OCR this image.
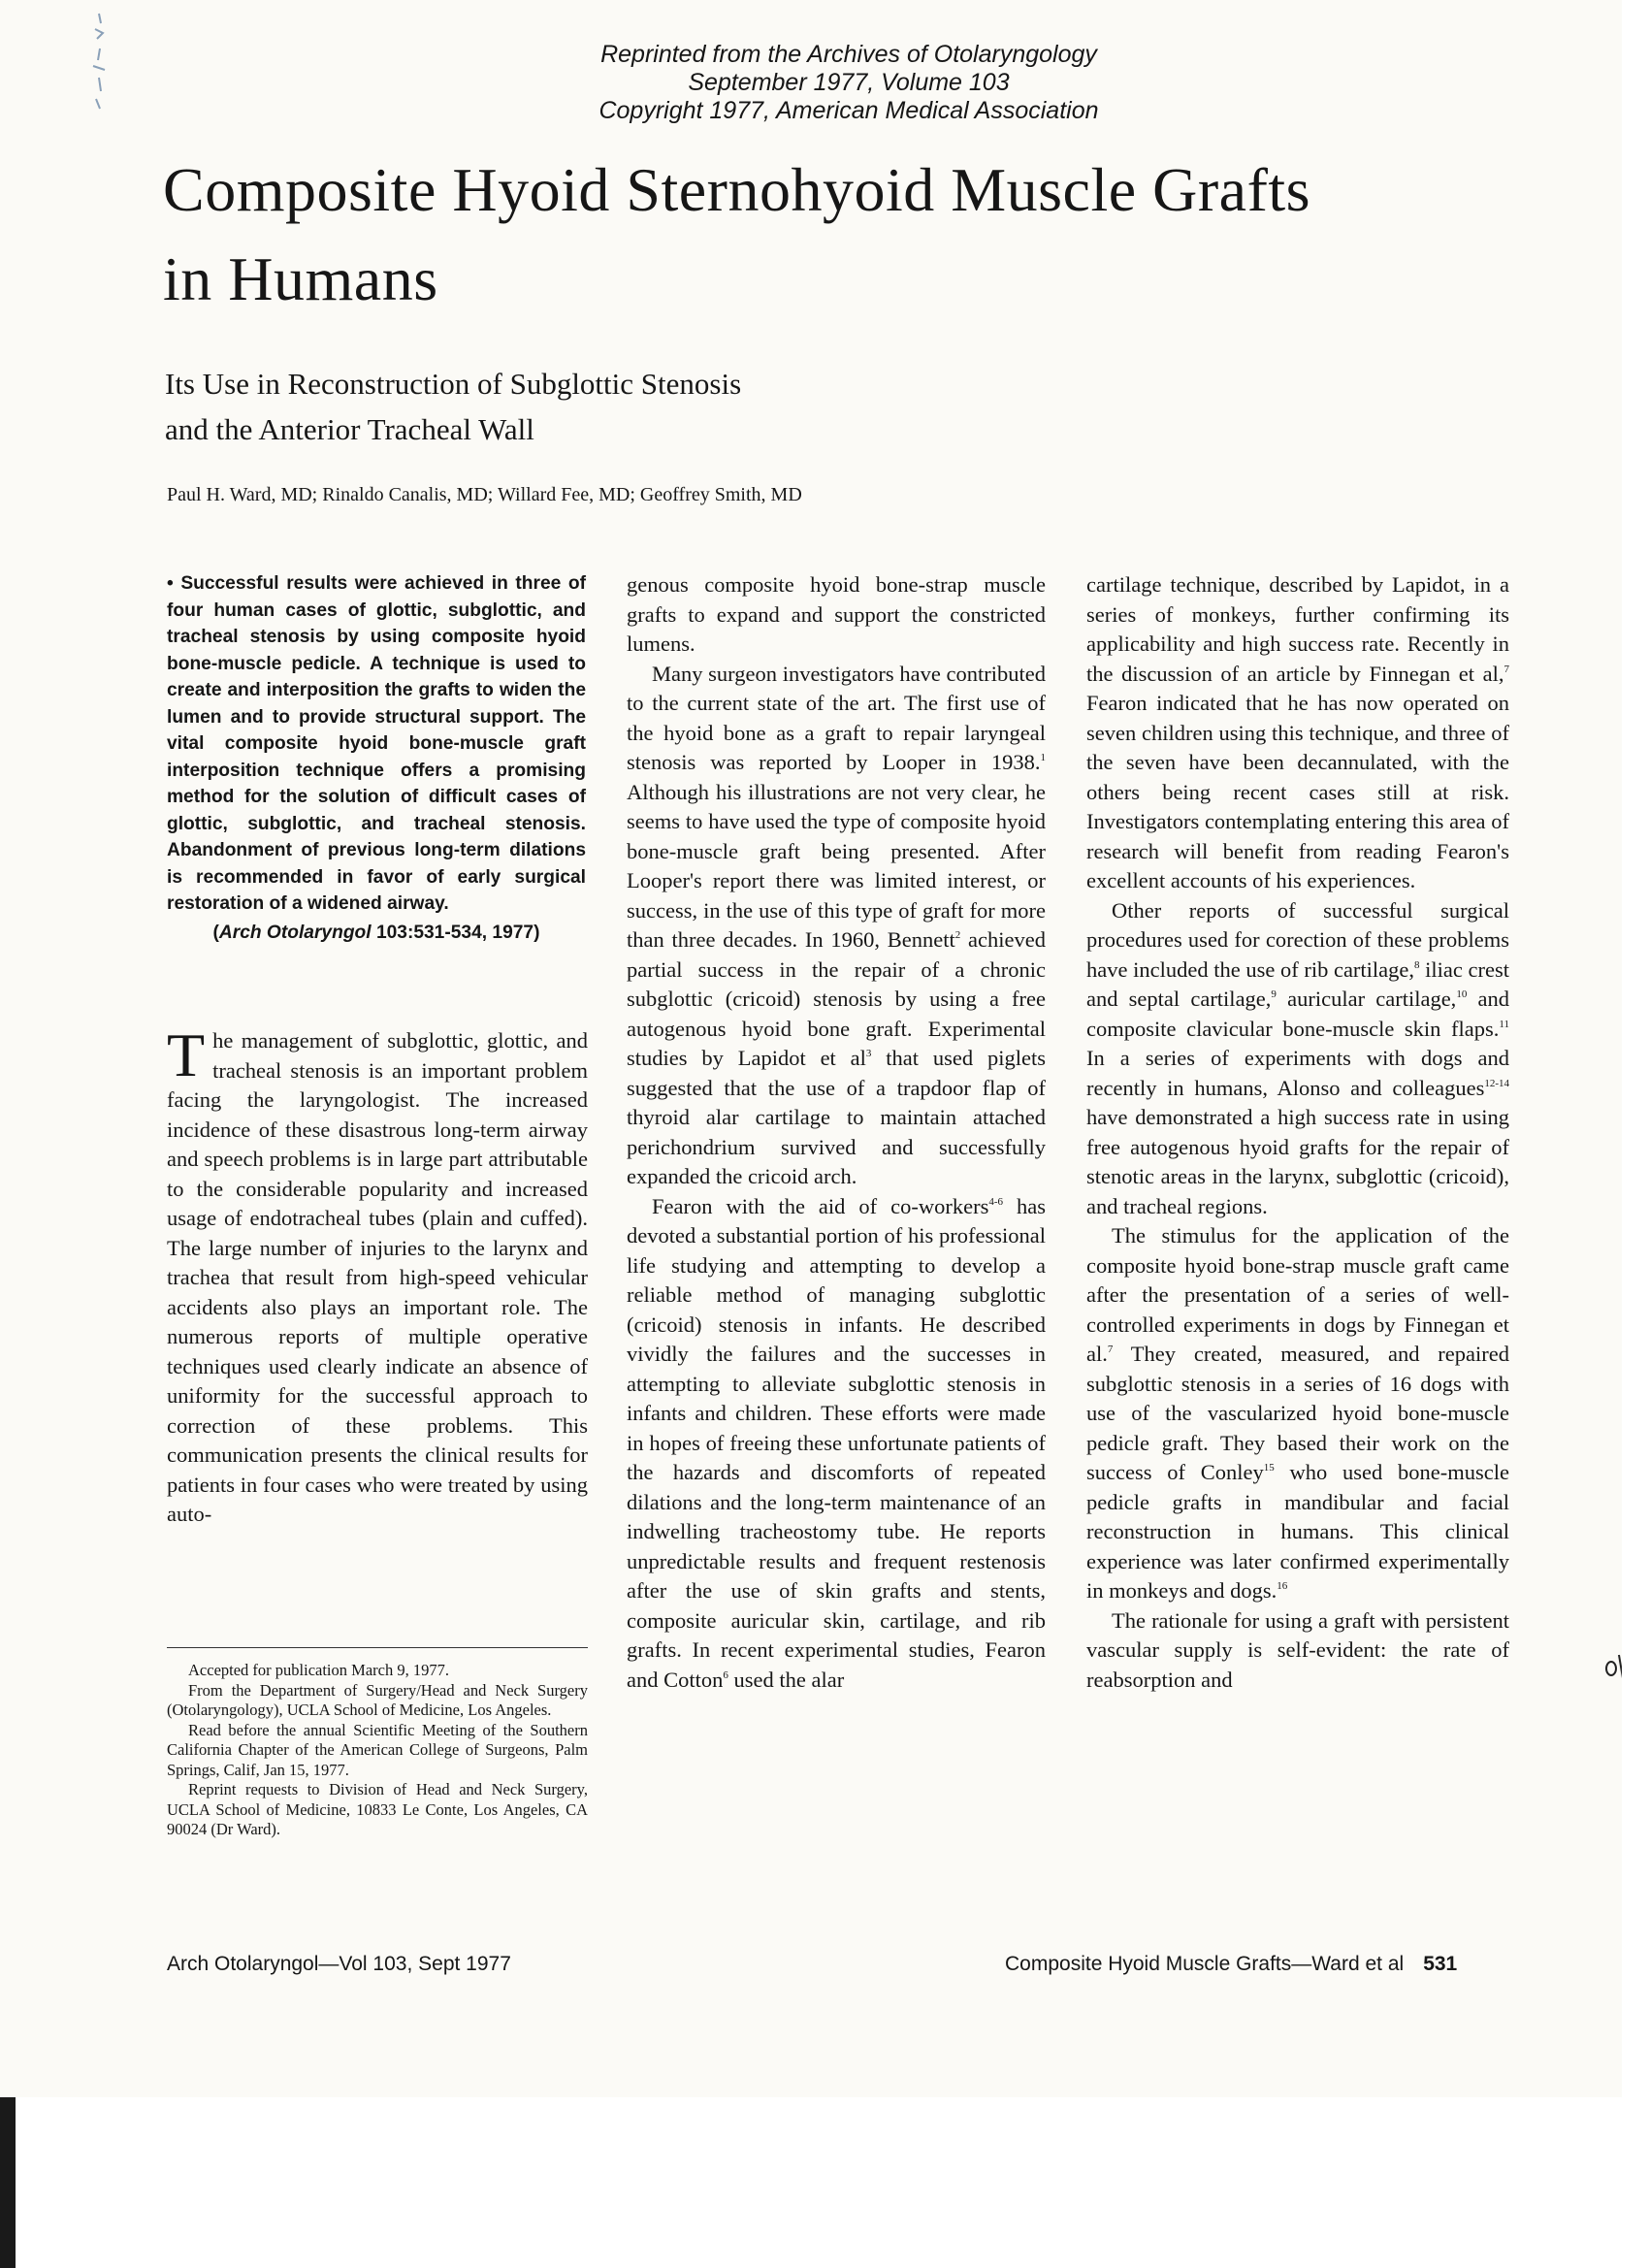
Reprinted from the Archives of Otolaryngology
September 1977, Volume 103
Copyright 1977, American Medical Association
Composite Hyoid Sternohyoid Muscle Grafts
in Humans
Its Use in Reconstruction of Subglottic Stenosis
and the Anterior Tracheal Wall
Paul H. Ward, MD; Rinaldo Canalis, MD; Willard Fee, MD; Geoffrey Smith, MD

• Successful results were achieved in three of four human cases of glottic, subglottic, and tracheal stenosis by using composite hyoid bone-muscle pedicle. A technique is used to create and interposition the grafts to widen the lumen and to provide structural support. The vital composite hyoid bone-muscle graft interposition technique offers a promising method for the solution of difficult cases of glottic, subglottic, and tracheal stenosis. Abandonment of previous long-term dilations is recommended in favor of early surgical restoration of a widened airway.

(Arch Otolaryngol 103:531-534, 1977)

The management of subglottic, glottic, and tracheal stenosis is an important problem facing the laryngologist. The increased incidence of these disastrous long-term airway and speech problems is in large part attributable to the considerable popularity and increased usage of endotracheal tubes (plain and cuffed). The large number of injuries to the larynx and trachea that result from high-speed vehicular accidents also plays an important role. The numerous reports of multiple operative techniques used clearly indicate an absence of uniformity for the successful approach to correction of these problems. This communication presents the clinical results for patients in four cases who were treated by using auto-

Accepted for publication March 9, 1977.

From the Department of Surgery/Head and Neck Surgery (Otolaryngology), UCLA School of Medicine, Los Angeles.

Read before the annual Scientific Meeting of the Southern California Chapter of the American College of Surgeons, Palm Springs, Calif, Jan 15, 1977.

Reprint requests to Division of Head and Neck Surgery, UCLA School of Medicine, 10833 Le Conte, Los Angeles, CA 90024 (Dr Ward).

genous composite hyoid bone-strap muscle grafts to expand and support the constricted lumens.

Many surgeon investigators have contributed to the current state of the art. The first use of the hyoid bone as a graft to repair laryngeal stenosis was reported by Looper in 1938.$^1$ Although his illustrations are not very clear, he seems to have used the type of composite hyoid bone-muscle graft being presented. After Looper's report there was limited interest, or success, in the use of this type of graft for more than three decades. In 1960, Bennett$^2$ achieved partial success in the repair of a chronic subglottic (cricoid) stenosis by using a free autogenous hyoid bone graft. Experimental studies by Lapidot et $al^3$ that used piglets suggested that the use of a trapdoor flap of thyroid alar cartilage to maintain attached perichondrium survived and successfully expanded the cricoid arch.

Fearon with the aid of co-workers$^{4-6}$ has devoted a substantial portion of his professional life studying and attempting to develop a reliable method of managing subglottic (cricoid) stenosis in infants. He described vividly the failures and the successes in attempting to alleviate subglottic stenosis in infants and children. These efforts were made in hopes of freeing these unfortunate patients of the hazards and discomforts of repeated dilations and the long-term maintenance of an indwelling tracheostomy tube. He reports unpredictable results and frequent restenosis after the use of skin grafts and stents, composite auricular skin, cartilage, and rib grafts. In recent experimental studies, Fearon and Cotton$^6$ used the alar

cartilage technique, described by Lapidot, in a series of monkeys, further confirming its applicability and high success rate. Recently in the discussion of an article by Finnegan et al,$^7$ Fearon indicated that he has now operated on seven children using this technique, and three of the seven have been decannulated, with the others being recent cases still at risk. Investigators contemplating entering this area of research will benefit from reading Fearon's excellent accounts of his experiences.

Other reports of successful surgical procedures used for corection of these problems have included the use of rib cartilage,$^8$ iliac crest and septal cartilage,$^9$ auricular cartilage,$^{10}$ and composite clavicular bone-muscle skin flaps.$^{11}$ In a series of experiments with dogs and recently in humans, Alonso and colleagues$^{12-14}$ have demonstrated a high success rate in using free autogenous hyoid grafts for the repair of stenotic areas in the larynx, subglottic (cricoid), and tracheal regions.

The stimulus for the application of the composite hyoid bone-strap muscle graft came after the presentation of a series of well-controlled experiments in dogs by Finnegan et al.$^7$ They created, measured, and repaired subglottic stenosis in a series of 16 dogs with use of the vascularized hyoid bone-muscle pedicle graft. They based their work on the success of Conley$^{15}$ who used bone-muscle pedicle grafts in mandibular and facial reconstruction in humans. This clinical experience was later confirmed experimentally in monkeys and dogs.$^{16}$

The rationale for using a graft with persistent vascular supply is self-evident: the rate of reabsorption and

Arch Otolaryngol—Vol 103, Sept 1977	Composite Hyoid Muscle Grafts—Ward et al 531
